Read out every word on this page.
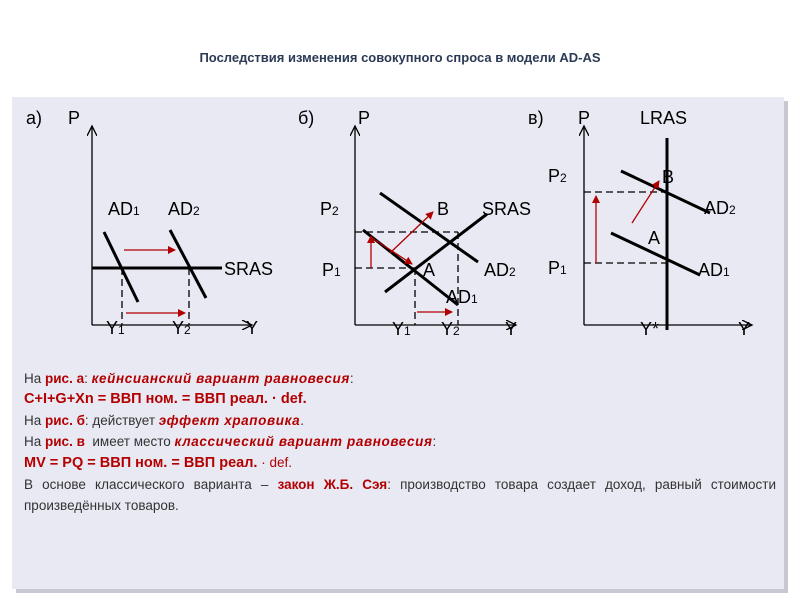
Последствия изменения совокупного спроса в модели AD-AS
а) P
AD1 AD2
SRAS
Y1	Y2	Y
б) P
P2
P1
B SRAS
A	AD2
AD1
Y1 Y2	Y
в) P	LRAS
P2
P1
B
A
AD2
AD1
Y*	Y

На рис. а: кейнсианский вариант равновесия:

C+I+G+Xn = ВВП ном. = ВВП реал. · def.

На рис. б: действует эффект храповика.

На рис. в  имеет место классический вариант равновесия:

MV = PQ = ВВП ном. = ВВП реал. · def.

В основе классического варианта – закон Ж.Б. Сэя: производство товара создает доход, равный стоимости произведённых товаров.
